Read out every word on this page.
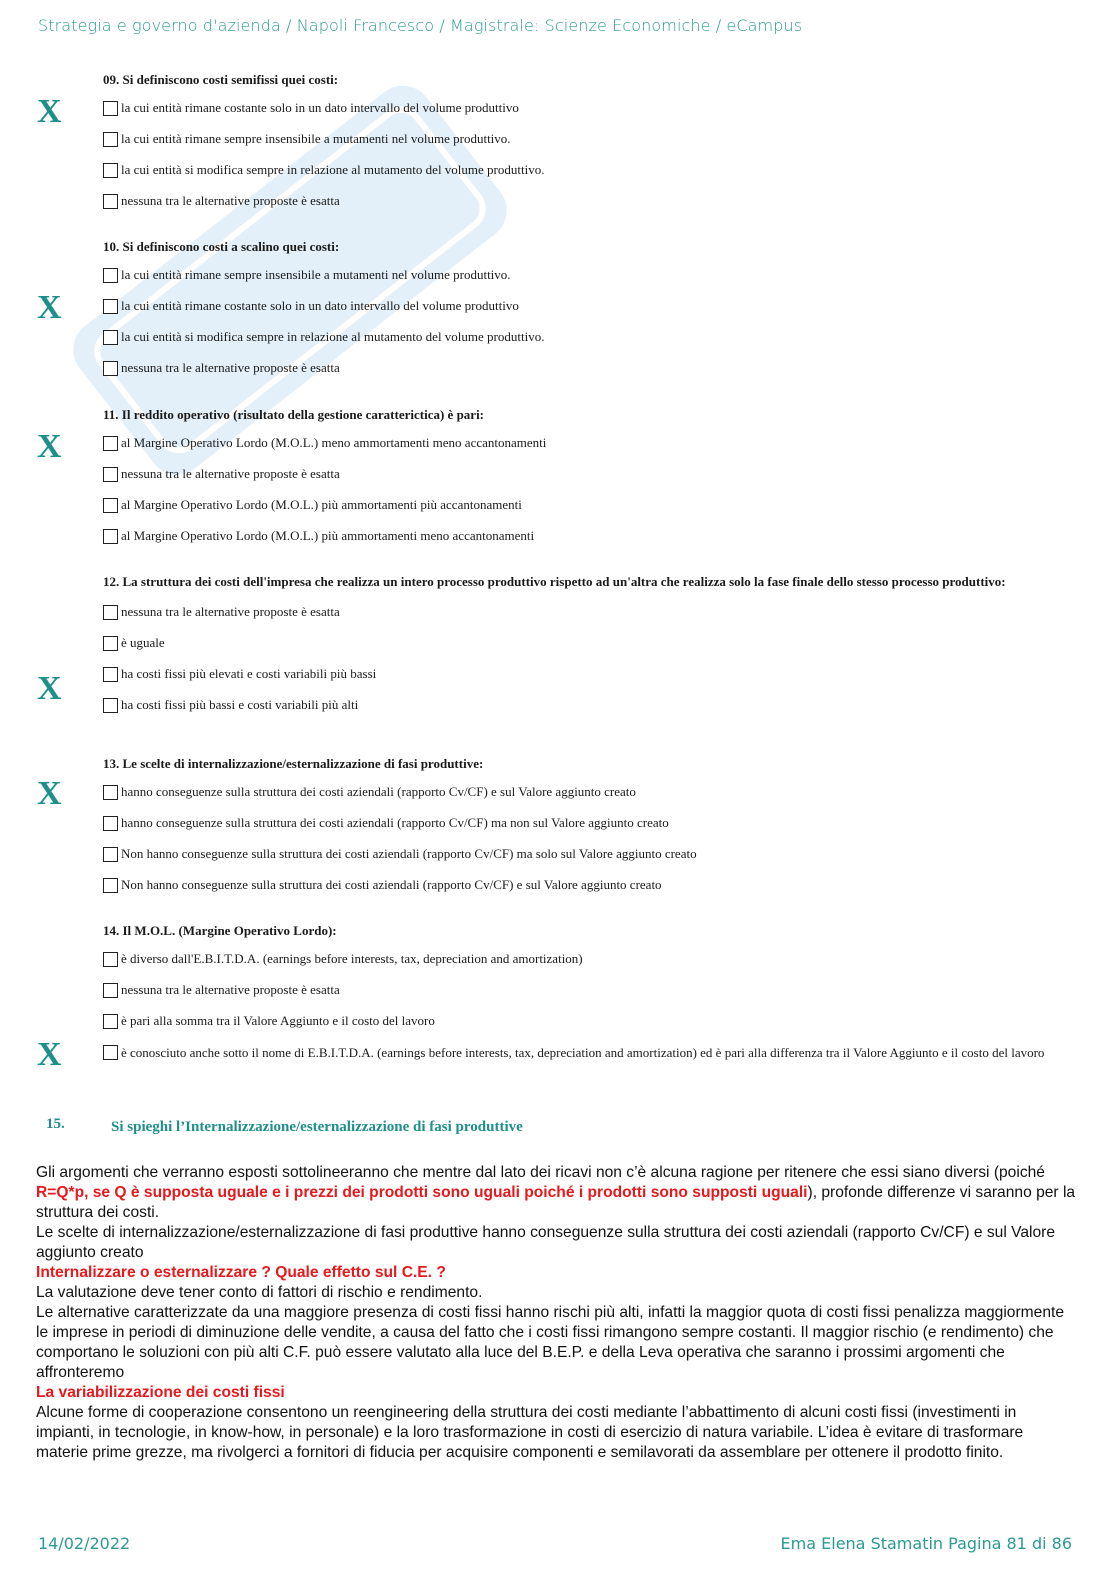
Strategia e governo d'azienda / Napoli Francesco / Magistrale: Scienze Economiche / eCampus
X
09. Si definiscono costi semifissi quei costi:
la cui entità rimane costante solo in un dato intervallo del volume produttivo
la cui entità rimane sempre insensibile a mutamenti nel volume produttivo.
la cui entità si modifica sempre in relazione al mutamento del volume produttivo.
nessuna tra le alternative proposte è esatta
X
10. Si definiscono costi a scalino quei costi:
la cui entità rimane sempre insensibile a mutamenti nel volume produttivo.
la cui entità rimane costante solo in un dato intervallo del volume produttivo
la cui entità si modifica sempre in relazione al mutamento del volume produttivo.
nessuna tra le alternative proposte è esatta
X
11. Il reddito operativo (risultato della gestione caratterictica) è pari:
al Margine Operativo Lordo (M.O.L.) meno ammortamenti meno accantonamenti
nessuna tra le alternative proposte è esatta
al Margine Operativo Lordo (M.O.L.) più ammortamenti più accantonamenti
al Margine Operativo Lordo (M.O.L.) più ammortamenti meno accantonamenti
X
12. La struttura dei costi dell'impresa che realizza un intero processo produttivo rispetto ad un'altra che realizza solo la fase finale dello stesso processo produttivo:
nessuna tra le alternative proposte è esatta
è uguale
ha costi fissi più elevati e costi variabili più bassi
ha costi fissi più bassi e costi variabili più alti
X
13. Le scelte di internalizzazione/esternalizzazione di fasi produttive:
hanno conseguenze sulla struttura dei costi aziendali (rapporto Cv/CF) e sul Valore aggiunto creato
hanno conseguenze sulla struttura dei costi aziendali (rapporto Cv/CF) ma non sul Valore aggiunto creato
Non hanno conseguenze sulla struttura dei costi aziendali (rapporto Cv/CF) ma solo sul Valore aggiunto creato
Non hanno conseguenze sulla struttura dei costi aziendali (rapporto Cv/CF) e sul Valore aggiunto creato
X
14. Il M.O.L. (Margine Operativo Lordo):
è diverso dall'E.B.I.T.D.A. (earnings before interests, tax, depreciation and amortization)
nessuna tra le alternative proposte è esatta
è pari alla somma tra il Valore Aggiunto e il costo del lavoro
è conosciuto anche sotto il nome di E.B.I.T.D.A. (earnings before interests, tax, depreciation and amortization) ed è pari alla differenza tra il Valore Aggiunto e il costo del lavoro
15.	Si spieghi l’Internalizzazione/esternalizzazione di fasi produttive

Gli argomenti che verranno esposti sottolineeranno che mentre dal lato dei ricavi non c’è alcuna ragione per ritenere che essi siano diversi (poiché R=Q*p, se Q è supposta uguale e i prezzi dei prodotti sono uguali poiché i prodotti sono supposti uguali), profonde differenze vi saranno per la struttura dei costi.

Le scelte di internalizzazione/esternalizzazione di fasi produttive hanno conseguenze sulla struttura dei costi aziendali (rapporto Cv/CF) e sul Valore aggiunto creato

Internalizzare o esternalizzare ? Quale effetto sul C.E. ?

La valutazione deve tener conto di fattori di rischio e rendimento.

Le alternative caratterizzate da una maggiore presenza di costi fissi hanno rischi più alti, infatti la maggior quota di costi fissi penalizza maggiormente le imprese in periodi di diminuzione delle vendite, a causa del fatto che i costi fissi rimangono sempre costanti. Il maggior rischio (e rendimento) che comportano le soluzioni con più alti C.F. può essere valutato alla luce del B.E.P. e della Leva operativa che saranno i prossimi argomenti che affronteremo

La variabilizzazione dei costi fissi

Alcune forme di cooperazione consentono un reengineering della struttura dei costi mediante l’abbattimento di alcuni costi fissi (investimenti in impianti, in tecnologie, in know-how, in personale) e la loro trasformazione in costi di esercizio di natura variabile. L’idea è evitare di trasformare materie prime grezze, ma rivolgerci a fornitori di fiducia per acquisire componenti e semilavorati da assemblare per ottenere il prodotto finito.

14/02/2022	Ema Elena Stamatin Pagina 81 di 86
